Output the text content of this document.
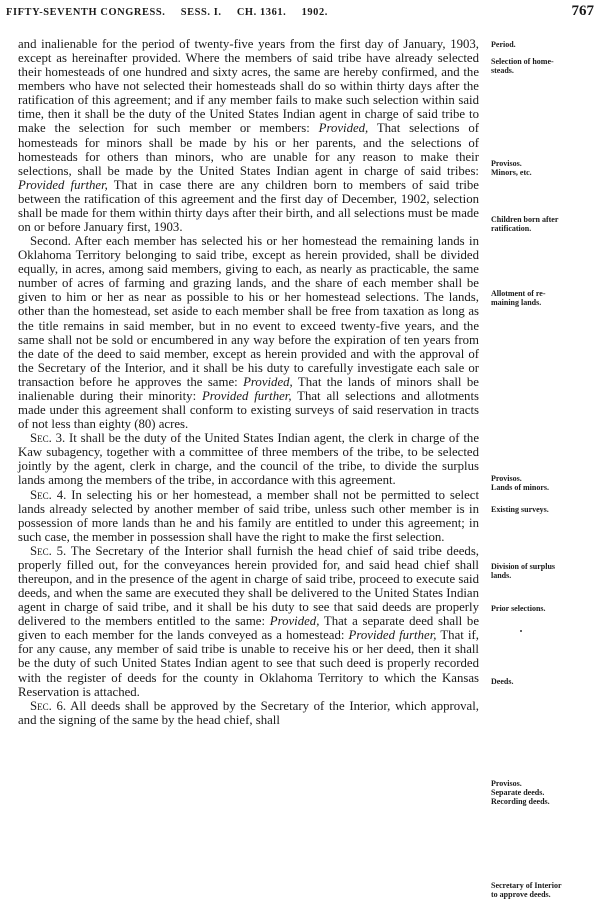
FIFTY-SEVENTH CONGRESS. SESS. I. CH. 1361. 1902.	767

and inalienable for the period of twenty-five years from the first day of January, 1903, except as hereinafter provided. Where the members of said tribe have already selected their homesteads of one hundred and sixty acres, the same are hereby confirmed, and the members who have not selected their homesteads shall do so within thirty days after the ratification of this agreement; and if any member fails to make such selection within said time, then it shall be the duty of the United States Indian agent in charge of said tribe to make the selection for such member or members: Provided, That selections of homesteads for minors shall be made by his or her parents, and the selections of homesteads for others than minors, who are unable for any reason to make their selections, shall be made by the United States Indian agent in charge of said tribes: Provided further, That in case there are any children born to members of said tribe between the ratification of this agreement and the first day of December, 1902, selection shall be made for them within thirty days after their birth, and all selections must be made on or before January first, 1903.

Second. After each member has selected his or her homestead the remaining lands in Oklahoma Territory belonging to said tribe, except as herein provided, shall be divided equally, in acres, among said members, giving to each, as nearly as practicable, the same number of acres of farming and grazing lands, and the share of each member shall be given to him or her as near as possible to his or her homestead selections. The lands, other than the homestead, set aside to each member shall be free from taxation as long as the title remains in said member, but in no event to exceed twenty-five years, and the same shall not be sold or encumbered in any way before the expiration of ten years from the date of the deed to said member, except as herein provided and with the approval of the Secretary of the Interior, and it shall be his duty to carefully investigate each sale or transaction before he approves the same: Provided, That the lands of minors shall be inalienable during their minority: Provided further, That all selections and allotments made under this agreement shall conform to existing surveys of said reservation in tracts of not less than eighty (80) acres.

Sec. 3. It shall be the duty of the United States Indian agent, the clerk in charge of the Kaw subagency, together with a committee of three members of the tribe, to be selected jointly by the agent, clerk in charge, and the council of the tribe, to divide the surplus lands among the members of the tribe, in accordance with this agreement.

Sec. 4. In selecting his or her homestead, a member shall not be permitted to select lands already selected by another member of said tribe, unless such other member is in possession of more lands than he and his family are entitled to under this agreement; in such case, the member in possession shall have the right to make the first selection.

Sec. 5. The Secretary of the Interior shall furnish the head chief of said tribe deeds, properly filled out, for the conveyances herein provided for, and said head chief shall thereupon, and in the presence of the agent in charge of said tribe, proceed to execute said deeds, and when the same are executed they shall be delivered to the United States Indian agent in charge of said tribe, and it shall be his duty to see that said deeds are properly delivered to the members entitled to the same: Provided, That a separate deed shall be given to each member for the lands conveyed as a homestead: Provided further, That if, for any cause, any member of said tribe is unable to receive his or her deed, then it shall be the duty of such United States Indian agent to see that such deed is properly recorded with the register of deeds for the county in Oklahoma Territory to which the Kansas Reservation is attached.

Sec. 6. All deeds shall be approved by the Secretary of the Interior, which approval, and the signing of the same by the head chief, shall

Period.
Selection of home-
steads.
Provisos.
Minors, etc.
Children born after
ratification.
Allotment of re-
maining lands.
Provisos.
Lands of minors.
Existing surveys.
Division of surplus
lands.
Prior selections.
Deeds.
Provisos.
Separate deeds.
Recording deeds.
Secretary of Interior
to approve deeds.
